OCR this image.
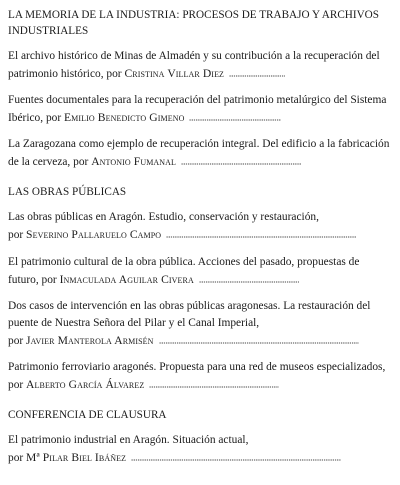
LA MEMORIA DE LA INDUSTRIA: PROCESOS DE TRABAJO Y ARCHIVOS INDUSTRIALES
El archivo histórico de Minas de Almadén y su contribución a la recuperación del patrimonio histórico, por Cristina Villar Diez
Fuentes documentales para la recuperación del patrimonio metalúrgico del Sistema Ibérico, por Emilio Benedicto Gimeno
La Zaragozana como ejemplo de recuperación integral. Del edificio a la fabricación de la cerveza, por Antonio Fumanal
LAS OBRAS PÚBLICAS
Las obras públicas en Aragón. Estudio, conservación y restauración,
por Severino Pallaruelo Campo
El patrimonio cultural de la obra pública. Acciones del pasado, propuestas de futuro, por Inmaculada Aguilar Civera
Dos casos de intervención en las obras públicas aragonesas. La restauración del puente de Nuestra Señora del Pilar y el Canal Imperial,
por Javier Manterola Armisén
Patrimonio ferroviario aragonés. Propuesta para una red de museos especializados, por Alberto García Álvarez
CONFERENCIA DE CLAUSURA
El patrimonio industrial en Aragón. Situación actual,
por Mª Pilar Biel Ibáñez
